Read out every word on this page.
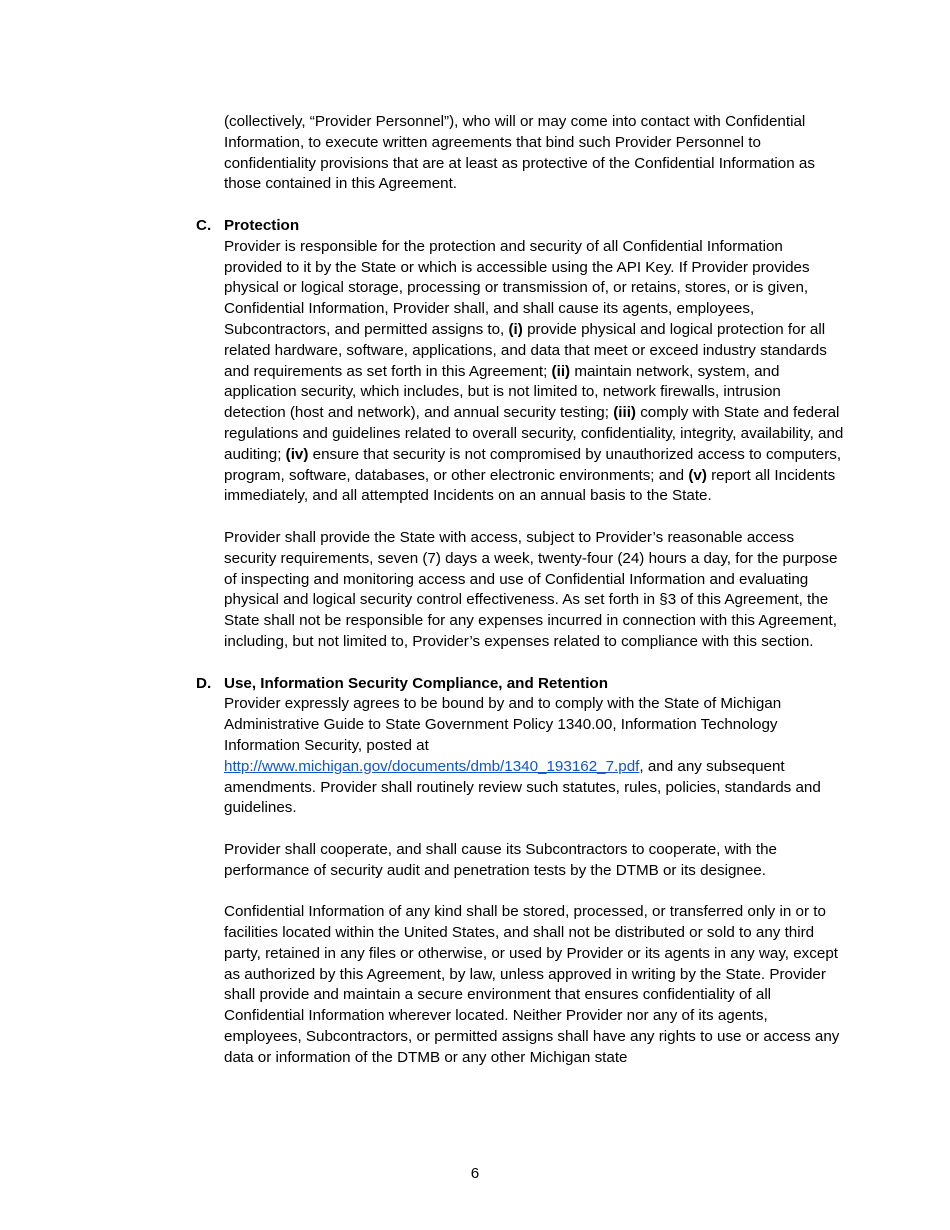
(collectively, “Provider Personnel”), who will or may come into contact with Confidential Information, to execute written agreements that bind such Provider Personnel to confidentiality provisions that are at least as protective of the Confidential Information as those contained in this Agreement.

C. Protection

Provider is responsible for the protection and security of all Confidential Information provided to it by the State or which is accessible using the API Key. If Provider provides physical or logical storage, processing or transmission of, or retains, stores, or is given, Confidential Information, Provider shall, and shall cause its agents, employees, Subcontractors, and permitted assigns to, (i) provide physical and logical protection for all related hardware, software, applications, and data that meet or exceed industry standards and requirements as set forth in this Agreement; (ii) maintain network, system, and application security, which includes, but is not limited to, network firewalls, intrusion detection (host and network), and annual security testing; (iii) comply with State and federal regulations and guidelines related to overall security, confidentiality, integrity, availability, and auditing; (iv) ensure that security is not compromised by unauthorized access to computers, program, software, databases, or other electronic environments; and (v) report all Incidents immediately, and all attempted Incidents on an annual basis to the State.

Provider shall provide the State with access, subject to Provider’s reasonable access security requirements, seven (7) days a week, twenty-four (24) hours a day, for the purpose of inspecting and monitoring access and use of Confidential Information and evaluating physical and logical security control effectiveness. As set forth in §3 of this Agreement, the State shall not be responsible for any expenses incurred in connection with this Agreement, including, but not limited to, Provider’s expenses related to compliance with this section.

D. Use, Information Security Compliance, and Retention

Provider expressly agrees to be bound by and to comply with the State of Michigan Administrative Guide to State Government Policy 1340.00, Information Technology Information Security, posted at http://www.michigan.gov/documents/dmb/1340_193162_7.pdf, and any subsequent amendments. Provider shall routinely review such statutes, rules, policies, standards and guidelines.

Provider shall cooperate, and shall cause its Subcontractors to cooperate, with the performance of security audit and penetration tests by the DTMB or its designee.

Confidential Information of any kind shall be stored, processed, or transferred only in or to facilities located within the United States, and shall not be distributed or sold to any third party, retained in any files or otherwise, or used by Provider or its agents in any way, except as authorized by this Agreement, by law, unless approved in writing by the State. Provider shall provide and maintain a secure environment that ensures confidentiality of all Confidential Information wherever located. Neither Provider nor any of its agents, employees, Subcontractors, or permitted assigns shall have any rights to use or access any data or information of the DTMB or any other Michigan state

6
